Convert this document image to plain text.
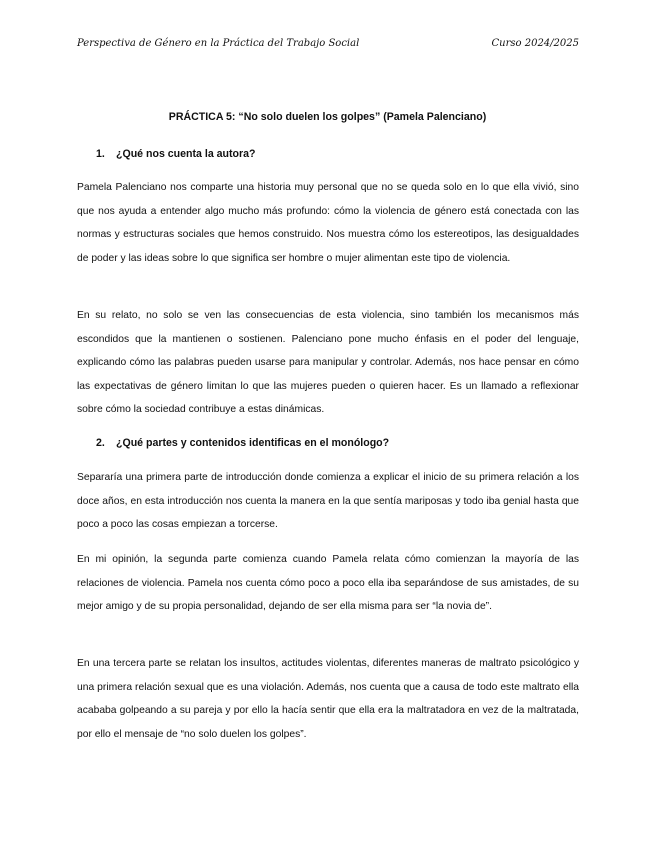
Perspectiva de Género en la Práctica del Trabajo Social	Curso 2024/2025
PRÁCTICA 5: “No solo duelen los golpes” (Pamela Palenciano)
1. ¿Qué nos cuenta la autora?

Pamela Palenciano nos comparte una historia muy personal que no se queda solo en lo que ella vivió, sino que nos ayuda a entender algo mucho más profundo: cómo la violencia de género está conectada con las normas y estructuras sociales que hemos construido. Nos muestra cómo los estereotipos, las desigualdades de poder y las ideas sobre lo que significa ser hombre o mujer alimentan este tipo de violencia.

En su relato, no solo se ven las consecuencias de esta violencia, sino también los mecanismos más escondidos que la mantienen o sostienen. Palenciano pone mucho énfasis en el poder del lenguaje, explicando cómo las palabras pueden usarse para manipular y controlar. Además, nos hace pensar en cómo las expectativas de género limitan lo que las mujeres pueden o quieren hacer. Es un llamado a reflexionar sobre cómo la sociedad contribuye a estas dinámicas.

2. ¿Qué partes y contenidos identificas en el monólogo?

Separaría una primera parte de introducción donde comienza a explicar el inicio de su primera relación a los doce años, en esta introducción nos cuenta la manera en la que sentía mariposas y todo iba genial hasta que poco a poco las cosas empiezan a torcerse.

En mi opinión, la segunda parte comienza cuando Pamela relata cómo comienzan la mayoría de las relaciones de violencia. Pamela nos cuenta cómo poco a poco ella iba separándose de sus amistades, de su mejor amigo y de su propia personalidad, dejando de ser ella misma para ser “la novia de”.

En una tercera parte se relatan los insultos, actitudes violentas, diferentes maneras de maltrato psicológico y una primera relación sexual que es una violación. Además, nos cuenta que a causa de todo este maltrato ella acababa golpeando a su pareja y por ello la hacía sentir que ella era la maltratadora en vez de la maltratada, por ello el mensaje de “no solo duelen los golpes”.
